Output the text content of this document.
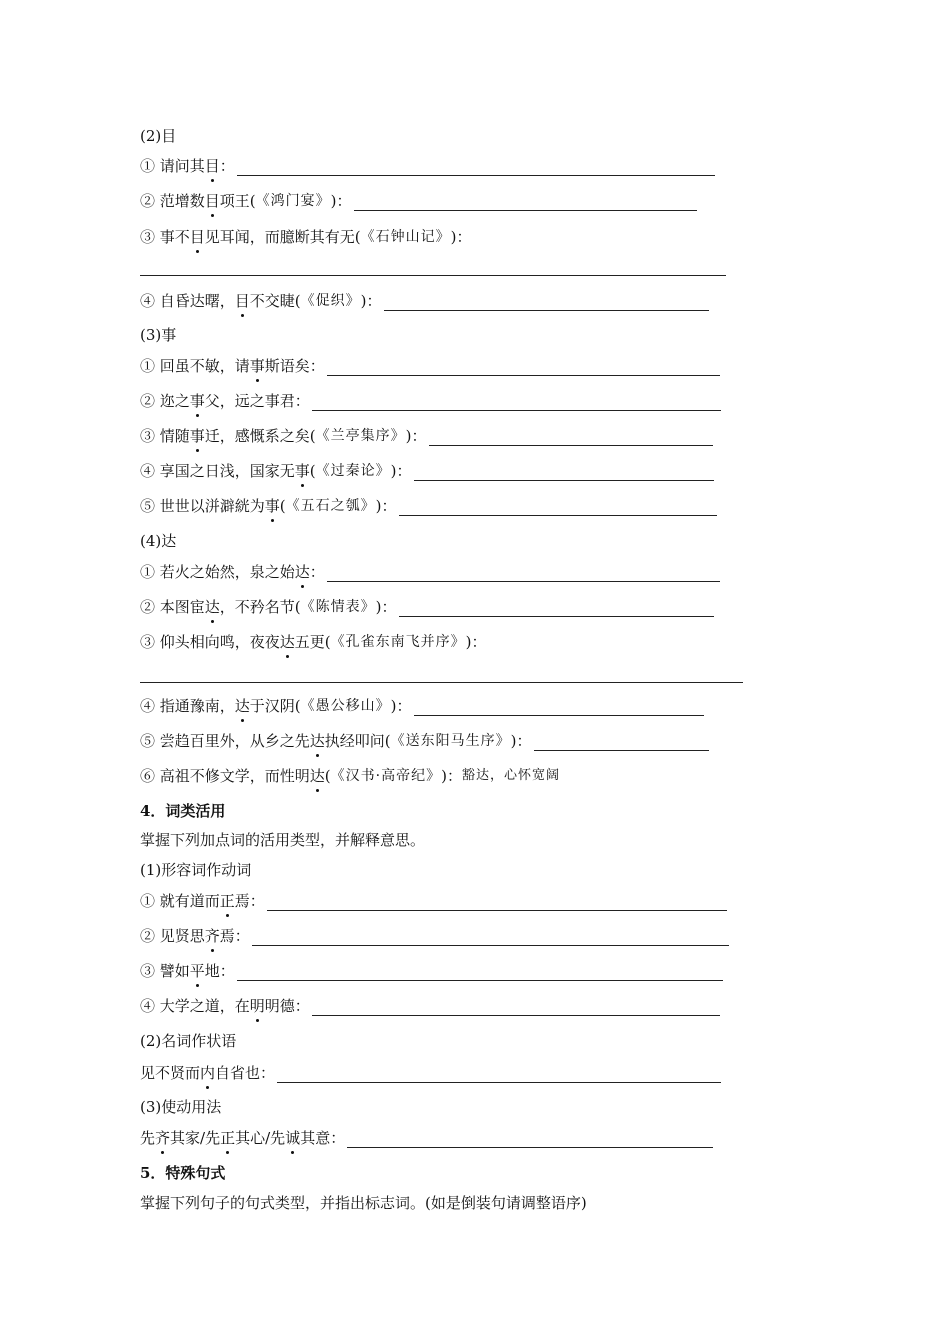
(2)目
① 请问其 目 ：
② 范增数 目 项王( 《鸿门宴》 )：
③ 事不 目 见耳闻，而臆断其有无( 《石钟山记》 )：
④ 自昏达曙， 目 不交睫( 《促织》 )：
(3)事
① 回虽不敏，请 事 斯语矣：
② 迩之 事 父，远之事君：
③ 情随 事 迁，感慨系之矣( 《兰亭集序》 )：
④ 享国之日浅，国家无 事 ( 《过秦论》 )：
⑤ 世世以洴澼絖为 事 ( 《五石之瓠》 )：
(4)达
① 若火之始然，泉之始 达 ：
② 本图宦 达 ，不矜名节( 《陈情表》 )：
③ 仰头相向鸣，夜夜 达 五更( 《孔雀东南飞并序》 )：
④ 指通豫南， 达 于汉阴( 《愚公移山》 )：
⑤ 尝趋百里外，从乡之先 达 执经叩问( 《送东阳马生序》 )：
⑥ 高祖不修文学，而性明 达 ( 《汉书·高帝纪》 )： 豁达，心怀宽阔
4．词类活用
掌握下列加点词的活用类型，并解释意思。
(1)形容词作动词
① 就有道而 正 焉：
② 见贤思 齐 焉：
③ 譬如 平 地：
④ 大学之道，在 明 明德：
(2)名词作状语
见不贤而 内 自省也：
(3)使动用法
先 齐 其家/先 正 其心/先 诚 其意：
5．特殊句式
掌握下列句子的句式类型，并指出标志词。(如是倒装句请调整语序)
